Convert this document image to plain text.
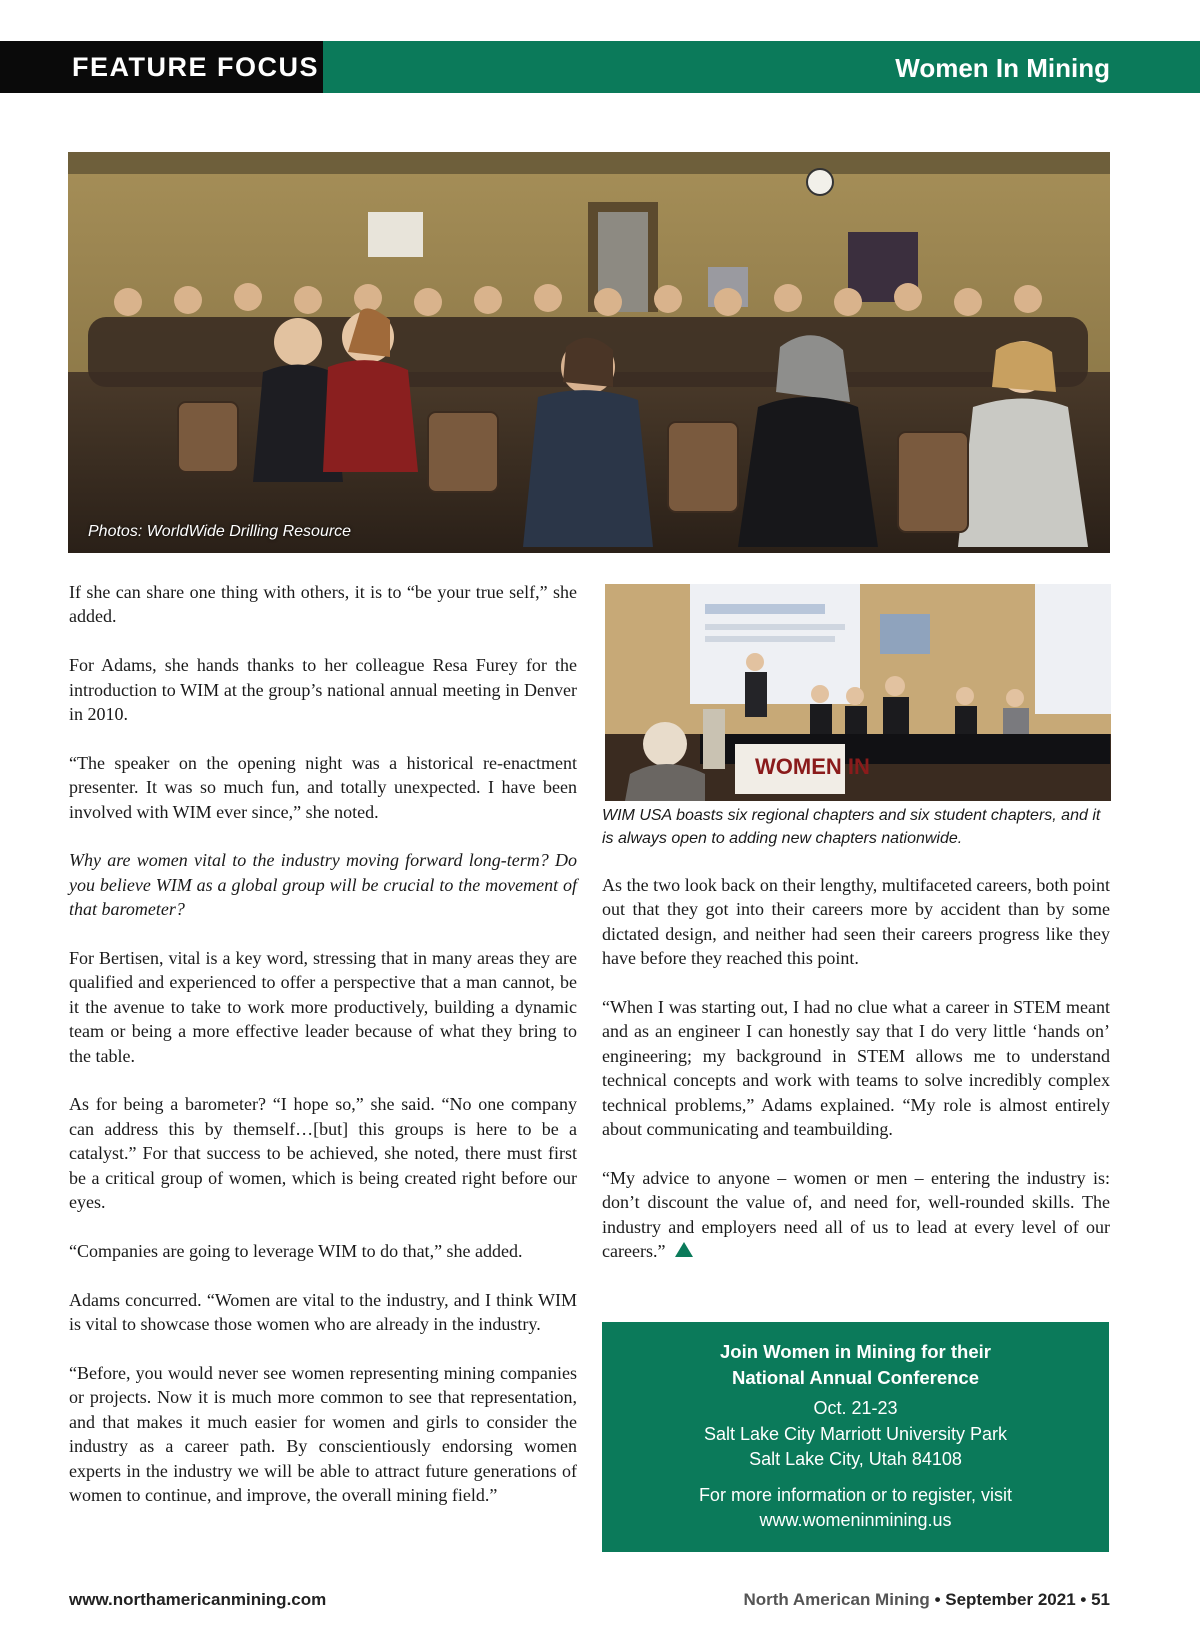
FEATURE FOCUS	Women In Mining
Photos: WorldWide Drilling Resource

If she can share one thing with others, it is to “be your true self,” she added.

For Adams, she hands thanks to her colleague Resa Furey for the introduction to WIM at the group’s national annual meeting in Denver in 2010.

“The speaker on the opening night was a historical re-enactment presenter. It was so much fun, and totally unexpected. I have been involved with WIM ever since,” she noted.

Why are women vital to the industry moving forward long-term? Do you believe WIM as a global group will be crucial to the movement of that barometer?

For Bertisen, vital is a key word, stressing that in many areas they are qualified and experienced to offer a perspective that a man cannot, be it the avenue to take to work more productively, building a dynamic team or being a more effective leader because of what they bring to the table.

As for being a barometer? “I hope so,” she said. “No one company can address this by themself…[but] this groups is here to be a catalyst.” For that success to be achieved, she noted, there must first be a critical group of women, which is being created right before our eyes.

“Companies are going to leverage WIM to do that,” she added.

Adams concurred. “Women are vital to the industry, and I think WIM is vital to showcase those women who are already in the industry.

“Before, you would never see women representing mining companies or projects. Now it is much more common to see that representation, and that makes it much easier for women and girls to consider the industry as a career path. By conscientiously endorsing women experts in the industry we will be able to attract future generations of women to continue, and improve, the overall mining field.”

WOMEN IN
WIM USA boasts six regional chapters and six student chapters, and it is always open to adding new chapters nationwide.

As the two look back on their lengthy, multifaceted careers, both point out that they got into their careers more by accident than by some dictated design, and neither had seen their careers progress like they have before they reached this point.

“When I was starting out, I had no clue what a career in STEM meant and as an engineer I can honestly say that I do very little ‘hands on’ engineering; my background in STEM allows me to understand technical concepts and work with teams to solve incredibly complex technical problems,” Adams explained. “My role is almost entirely about communicating and teambuilding.

“My advice to anyone – women or men – entering the industry is: don’t discount the value of, and need for, well-rounded skills. The industry and employers need all of us to lead at every level of our careers.”

Join Women in Mining for their
National Annual Conference
Oct. 21-23
Salt Lake City Marriott University Park
Salt Lake City, Utah 84108
For more information or to register, visit
www.womeninmining.us
www.northamericanmining.com	North American Mining • September 2021 • 51
